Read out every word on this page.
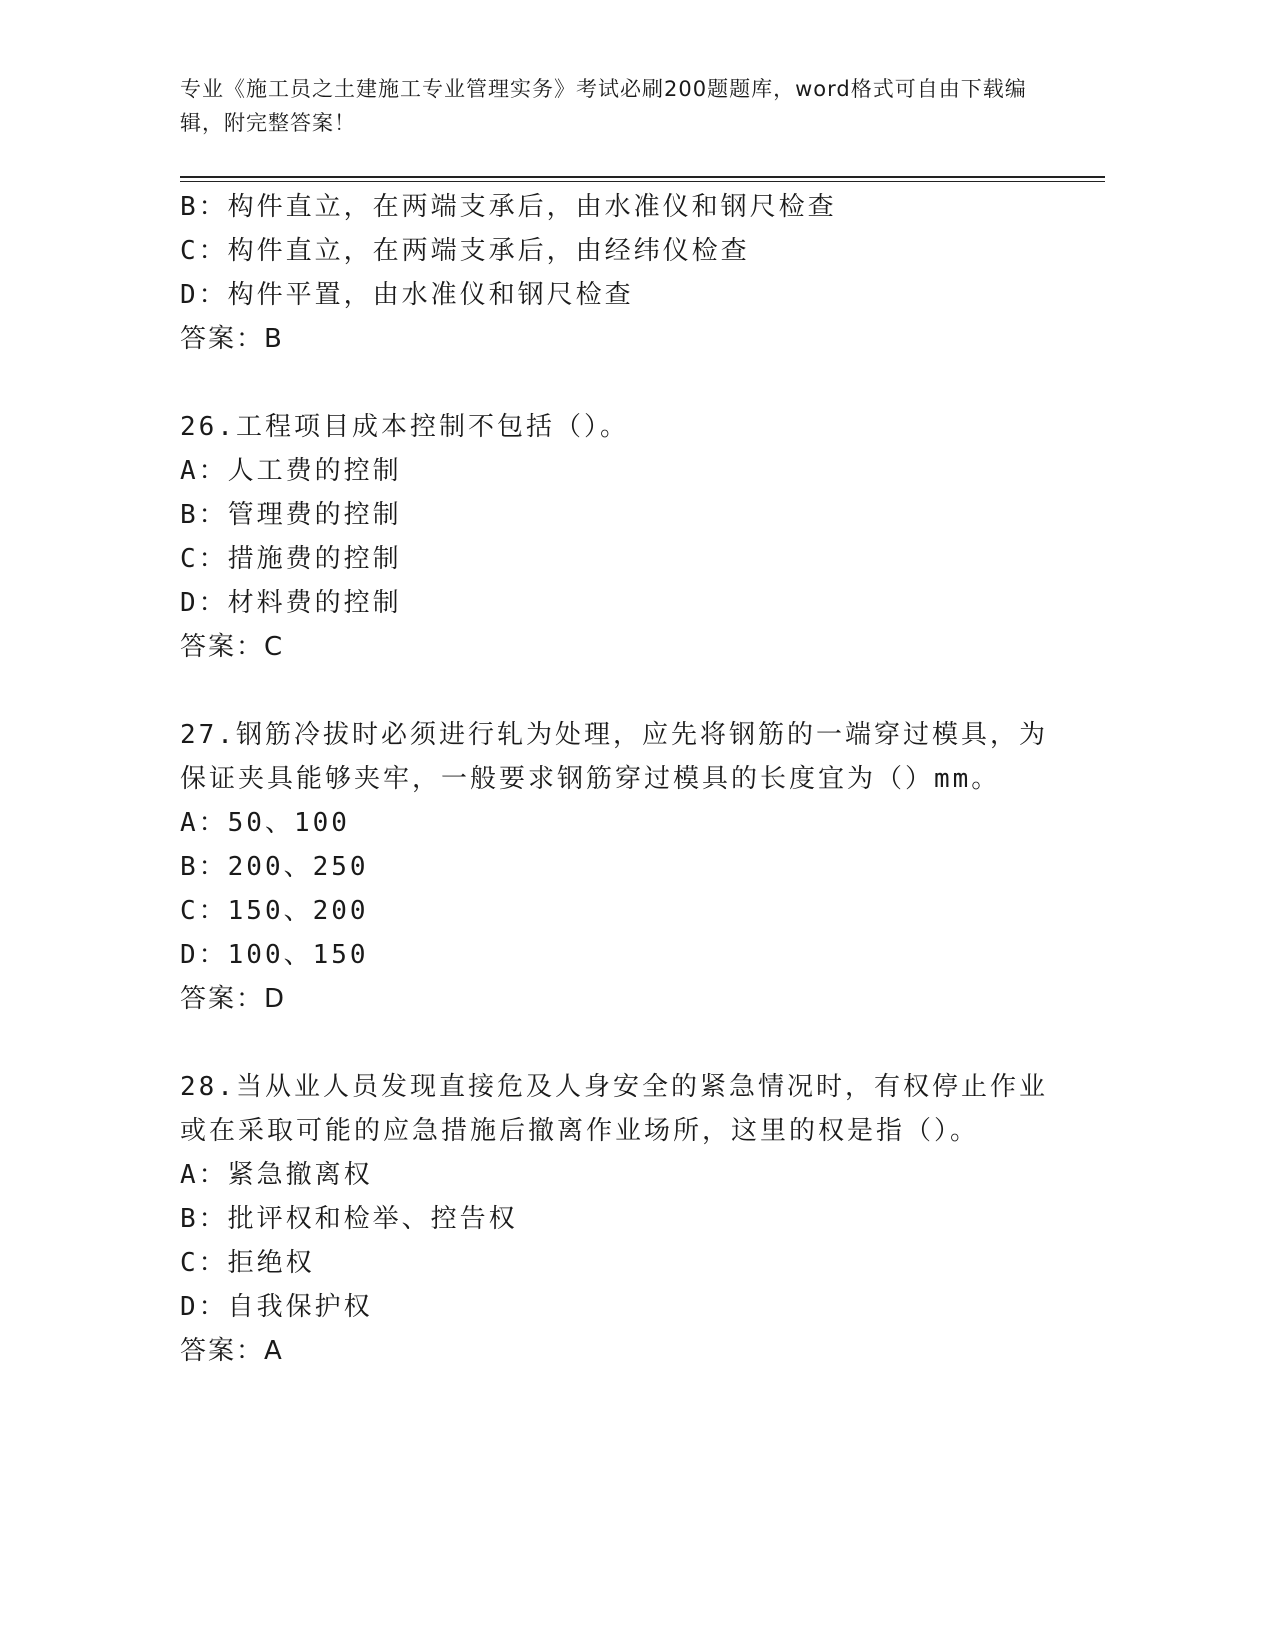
专业《施工员之土建施工专业管理实务》考试必刷200题题库，word格式可自由下载编辑，附完整答案！
B：构件直立，在两端支承后，由水准仪和钢尺检查
C：构件直立，在两端支承后，由经纬仪检查
D：构件平置，由水准仪和钢尺检查
答案：B
26.工程项目成本控制不包括（）。
A：人工费的控制
B：管理费的控制
C：措施费的控制
D：材料费的控制
答案：C
27.钢筋冷拔时必须进行轧为处理，应先将钢筋的一端穿过模具，为保证夹具能够夹牢，一般要求钢筋穿过模具的长度宜为（）mm。
A：50、100
B：200、250
C：150、200
D：100、150
答案：D
28.当从业人员发现直接危及人身安全的紧急情况时，有权停止作业或在采取可能的应急措施后撤离作业场所，这里的权是指（）。
A：紧急撤离权
B：批评权和检举、控告权
C：拒绝权
D：自我保护权
答案：A
